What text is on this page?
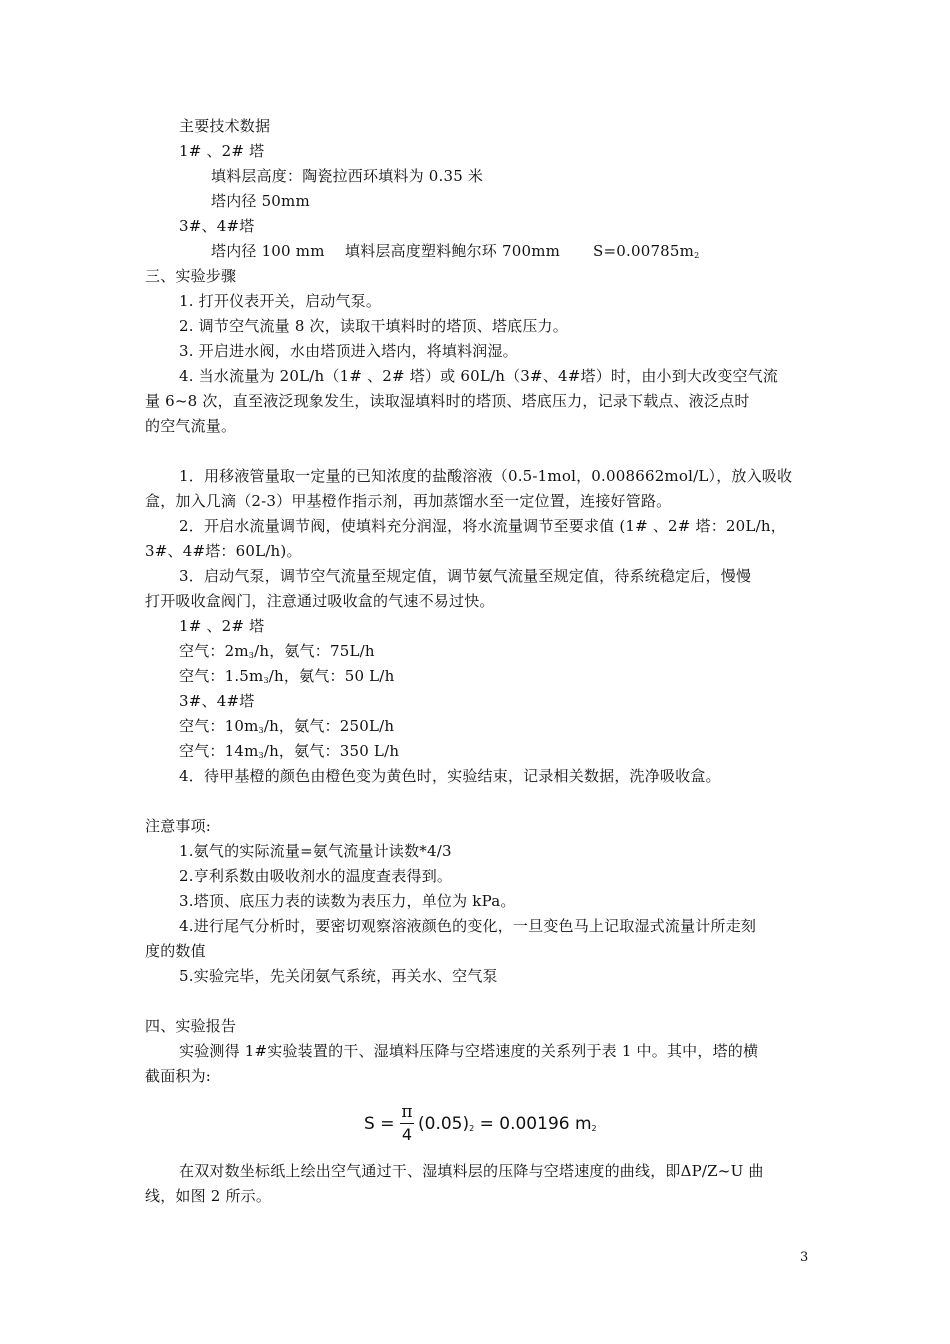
主要技术数据
1# 、2# 塔
填料层高度：陶瓷拉西环填料为 0.35 米
塔内径 50mm
3#、4#塔
塔内径 100 mm 填料层高度塑料鲍尔环 700mm $S=0.00785m_2$
三、实验步骤
1. 打开仪表开关，启动气泵。
2. 调节空气流量 8 次，读取干填料时的塔顶、塔底压力。
3. 开启进水阀，水由塔顶进入塔内，将填料润湿。
4. 当水流量为 20L/h（1# 、2# 塔）或 60L/h（3#、4#塔）时，由小到大改变空气流
量 6~8 次，直至液泛现象发生，读取湿填料时的塔顶、塔底压力，记录下载点、液泛点时
的空气流量。
1．用移液管量取一定量的已知浓度的盐酸溶液（0.5-1mol，0.008662mol/L），放入吸收
盒，加入几滴（2-3）甲基橙作指示剂，再加蒸馏水至一定位置，连接好管路。
2．开启水流量调节阀，使填料充分润湿，将水流量调节至要求值 (1# 、2# 塔：20L/h，
3#、4#塔：60L/h)。
3．启动气泵，调节空气流量至规定值，调节氨气流量至规定值，待系统稳定后，慢慢
打开吸收盒阀门，注意通过吸收盒的气速不易过快。
1# 、2# 塔
空气：$2m_3/h$，氨气：75L/h
空气：$1.5m_3/h$，氨气：50 L/h
3#、4#塔
空气：$10m_3/h$，氨气：250L/h
空气：$14m_3/h$，氨气：350 L/h
4．待甲基橙的颜色由橙色变为黄色时，实验结束，记录相关数据，洗净吸收盒。
注意事项:
1.氨气的实际流量=氨气流量计读数*4/3
2.亨利系数由吸收剂水的温度查表得到。
3.塔顶、底压力表的读数为表压力，单位为 kPa。
4.进行尾气分析时，要密切观察溶液颜色的变化，一旦变色马上记取湿式流量计所走刻
度的数值
5.实验完毕，先关闭氨气系统，再关水、空气泵
四、实验报告
实验测得 1#实验装置的干、湿填料压降与空塔速度的关系列于表 1 中。其中，塔的横
截面积为:
S =
π
4
$(0.05)_2 = 0.00196$ $m_2$
在双对数坐标纸上绘出空气通过干、湿填料层的压降与空塔速度的曲线，即ΔP/Z~U 曲
线，如图 2 所示。
3
